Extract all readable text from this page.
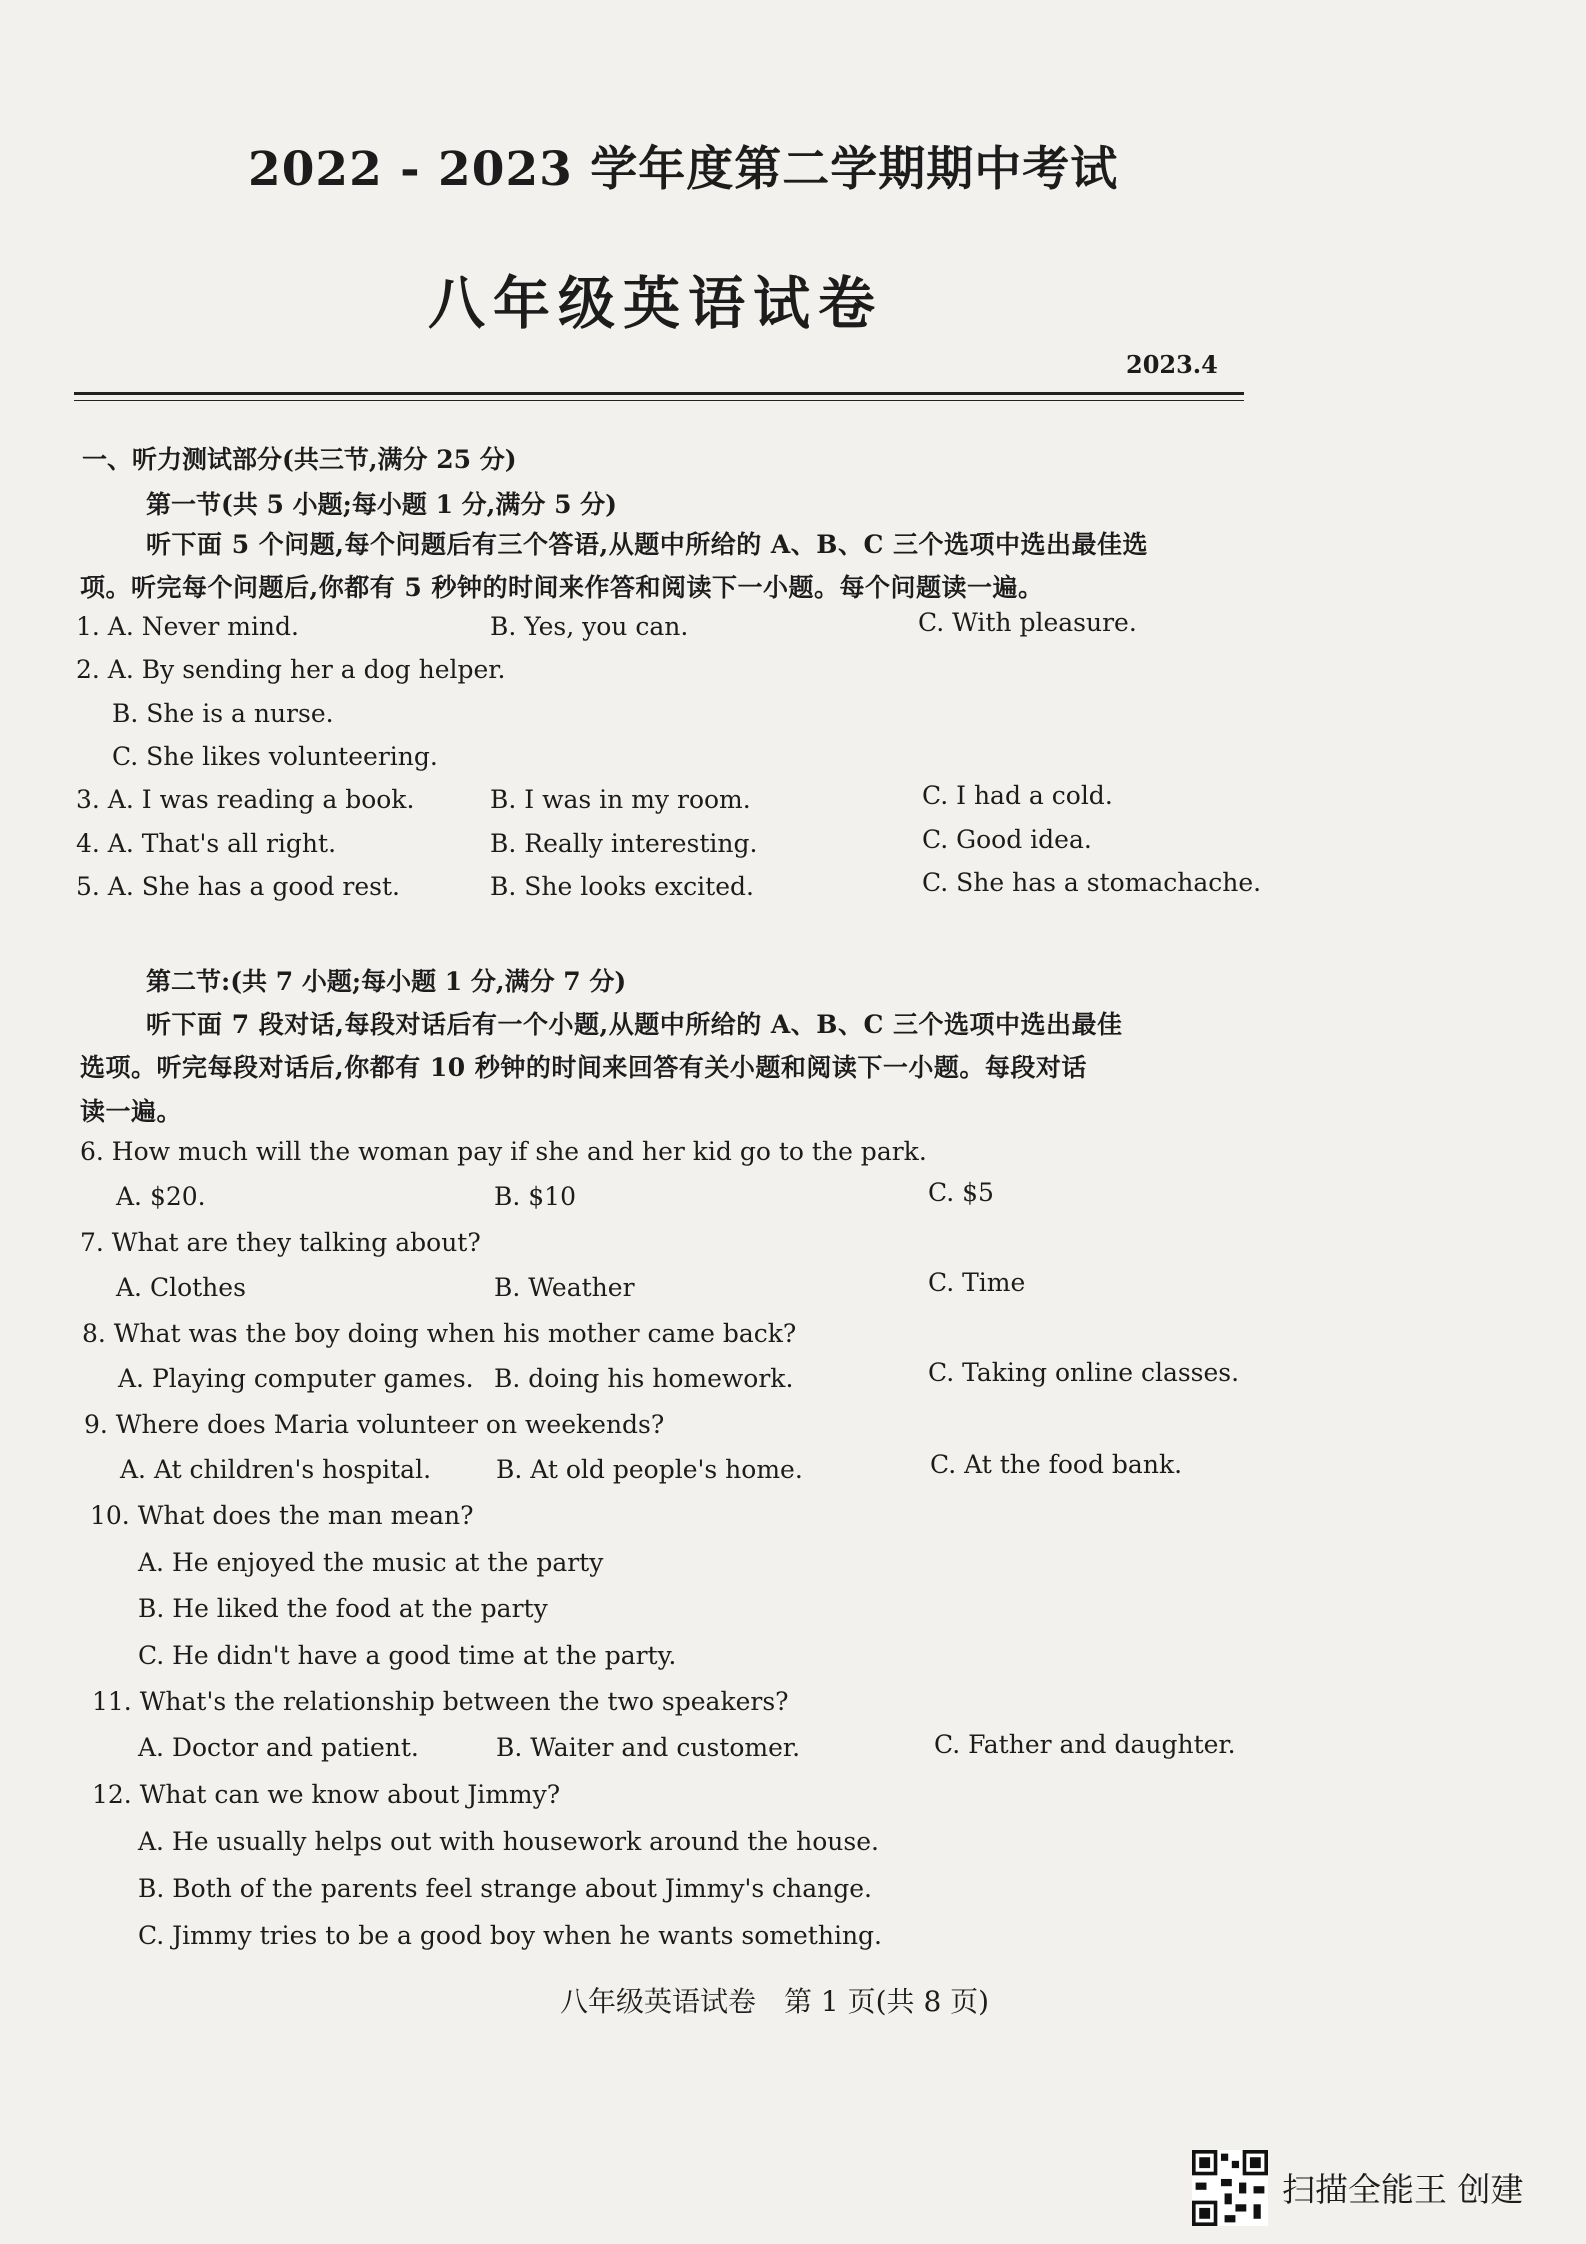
2022 - 2023 学年度第二学期期中考试
八年级英语试卷
2023.4
一、听力测试部分(共三节,满分 25 分)
第一节(共 5 小题;每小题 1 分,满分 5 分)
听下面 5 个问题,每个问题后有三个答语,从题中所给的 A、B、C 三个选项中选出最佳选
项。听完每个问题后,你都有 5 秒钟的时间来作答和阅读下一小题。每个问题读一遍。
1. A. Never mind.	B. Yes, you can.	C. With pleasure.
2. A. By sending her a dog helper.
B. She is a nurse.
C. She likes volunteering.
3. A. I was reading a book.	B. I was in my room.	C. I had a cold.
4. A. That's all right.	B. Really interesting.	C. Good idea.
5. A. She has a good rest.	B. She looks excited.	C. She has a stomachache.
第二节:(共 7 小题;每小题 1 分,满分 7 分)
听下面 7 段对话,每段对话后有一个小题,从题中所给的 A、B、C 三个选项中选出最佳
选项。听完每段对话后,你都有 10 秒钟的时间来回答有关小题和阅读下一小题。每段对话
读一遍。
6. How much will the woman pay if she and her kid go to the park.
A. $20.	B. $10	C. $5
7. What are they talking about?
A. Clothes	B. Weather	C. Time
8. What was the boy doing when his mother came back?
A. Playing computer games. B. doing his homework.	C. Taking online classes.
9. Where does Maria volunteer on weekends?
A. At children's hospital.	B. At old people's home.	C. At the food bank.
10. What does the man mean?
A. He enjoyed the music at the party
B. He liked the food at the party
C. He didn't have a good time at the party.
11. What's the relationship between the two speakers?
A. Doctor and patient.	B. Waiter and customer.	C. Father and daughter.
12. What can we know about Jimmy?
A. He usually helps out with housework around the house.
B. Both of the parents feel strange about Jimmy's change.
C. Jimmy tries to be a good boy when he wants something.
八年级英语试卷　第 1 页(共 8 页)
扫描全能王 创建
